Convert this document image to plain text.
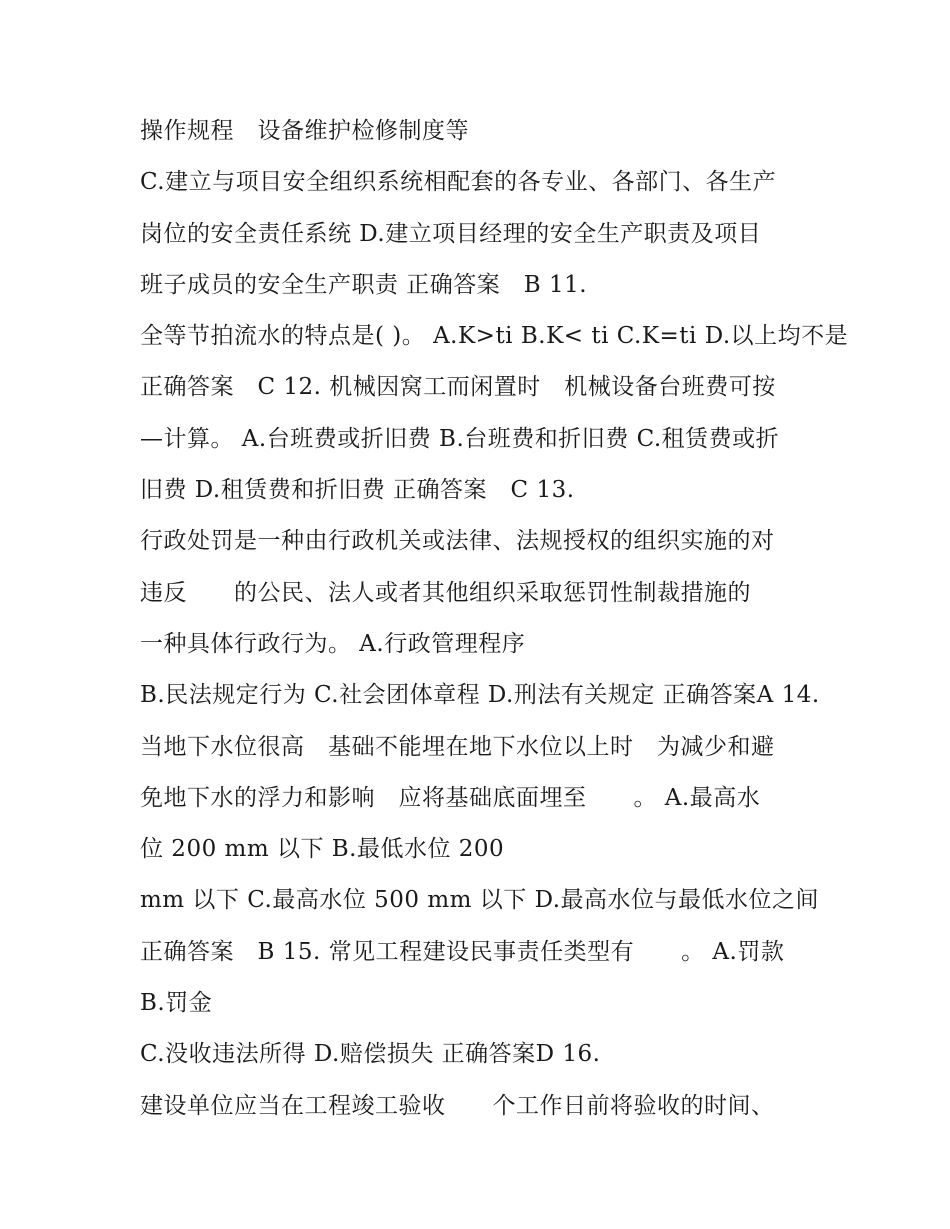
操作规程　设备维护检修制度等
C.建立与项目安全组织系统相配套的各专业、各部门、各生产
岗位的安全责任系统 D.建立项目经理的安全生产职责及项目
班子成员的安全生产职责 正确答案　B 11.
全等节拍流水的特点是( )。 A.K>ti B.K< ti C.K=ti D.以上均不是
正确答案　C 12. 机械因窝工而闲置时　机械设备台班费可按
—计算。 A.台班费或折旧费 B.台班费和折旧费 C.租赁费或折
旧费 D.租赁费和折旧费 正确答案　C 13.
行政处罚是一种由行政机关或法律、法规授权的组织实施的对
违反　　的公民、法人或者其他组织采取惩罚性制裁措施的
一种具体行政行为。 A.行政管理程序
B.民法规定行为 C.社会团体章程 D.刑法有关规定 正确答案A 14.
当地下水位很高　基础不能埋在地下水位以上时　为减少和避
免地下水的浮力和影响　应将基础底面埋至　　。 A.最高水
位 200 mm 以下 B.最低水位 200
mm 以下 C.最高水位 500 mm 以下 D.最高水位与最低水位之间
正确答案　B 15. 常见工程建设民事责任类型有　　。 A.罚款
B.罚金
C.没收违法所得 D.赔偿损失 正确答案D 16.
建设单位应当在工程竣工验收　　个工作日前将验收的时间、
